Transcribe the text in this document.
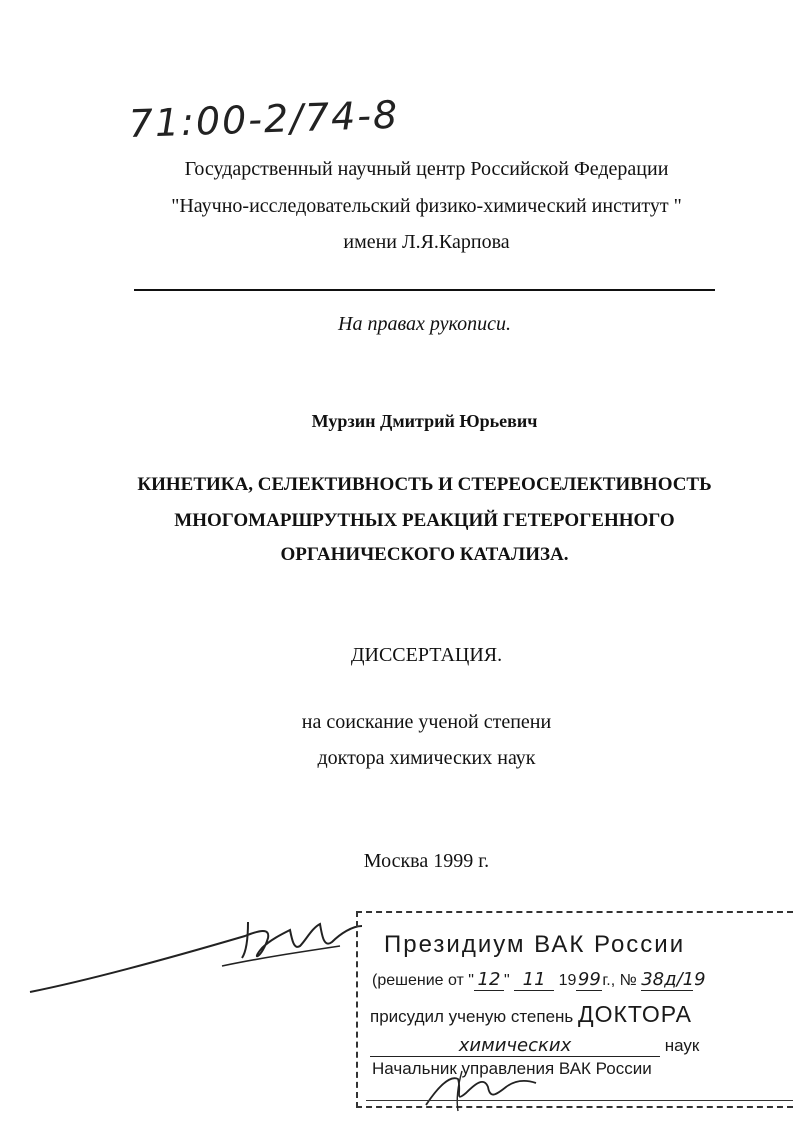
71:00-2/74-8
Государственный научный центр Российской Федерации
"Научно-исследовательский физико-химический институт "
имени Л.Я.Карпова
На правах рукописи.
Мурзин Дмитрий Юрьевич
КИНЕТИКА, СЕЛЕКТИВНОСТЬ И СТЕРЕОСЕЛЕКТИВНОСТЬ
МНОГОМАРШРУТНЫХ РЕАКЦИЙ ГЕТЕРОГЕННОГО
ОРГАНИЧЕСКОГО КАТАЛИЗА.
ДИССЕРТАЦИЯ.
на соискание ученой степени
доктора химических наук
Москва 1999 г.
Президиум ВАК России
(решение от " 12 " 11 1999г., № 38д/19
присудил ученую степень ДОКТОРА
химических	наук
Начальник управления ВАК России
